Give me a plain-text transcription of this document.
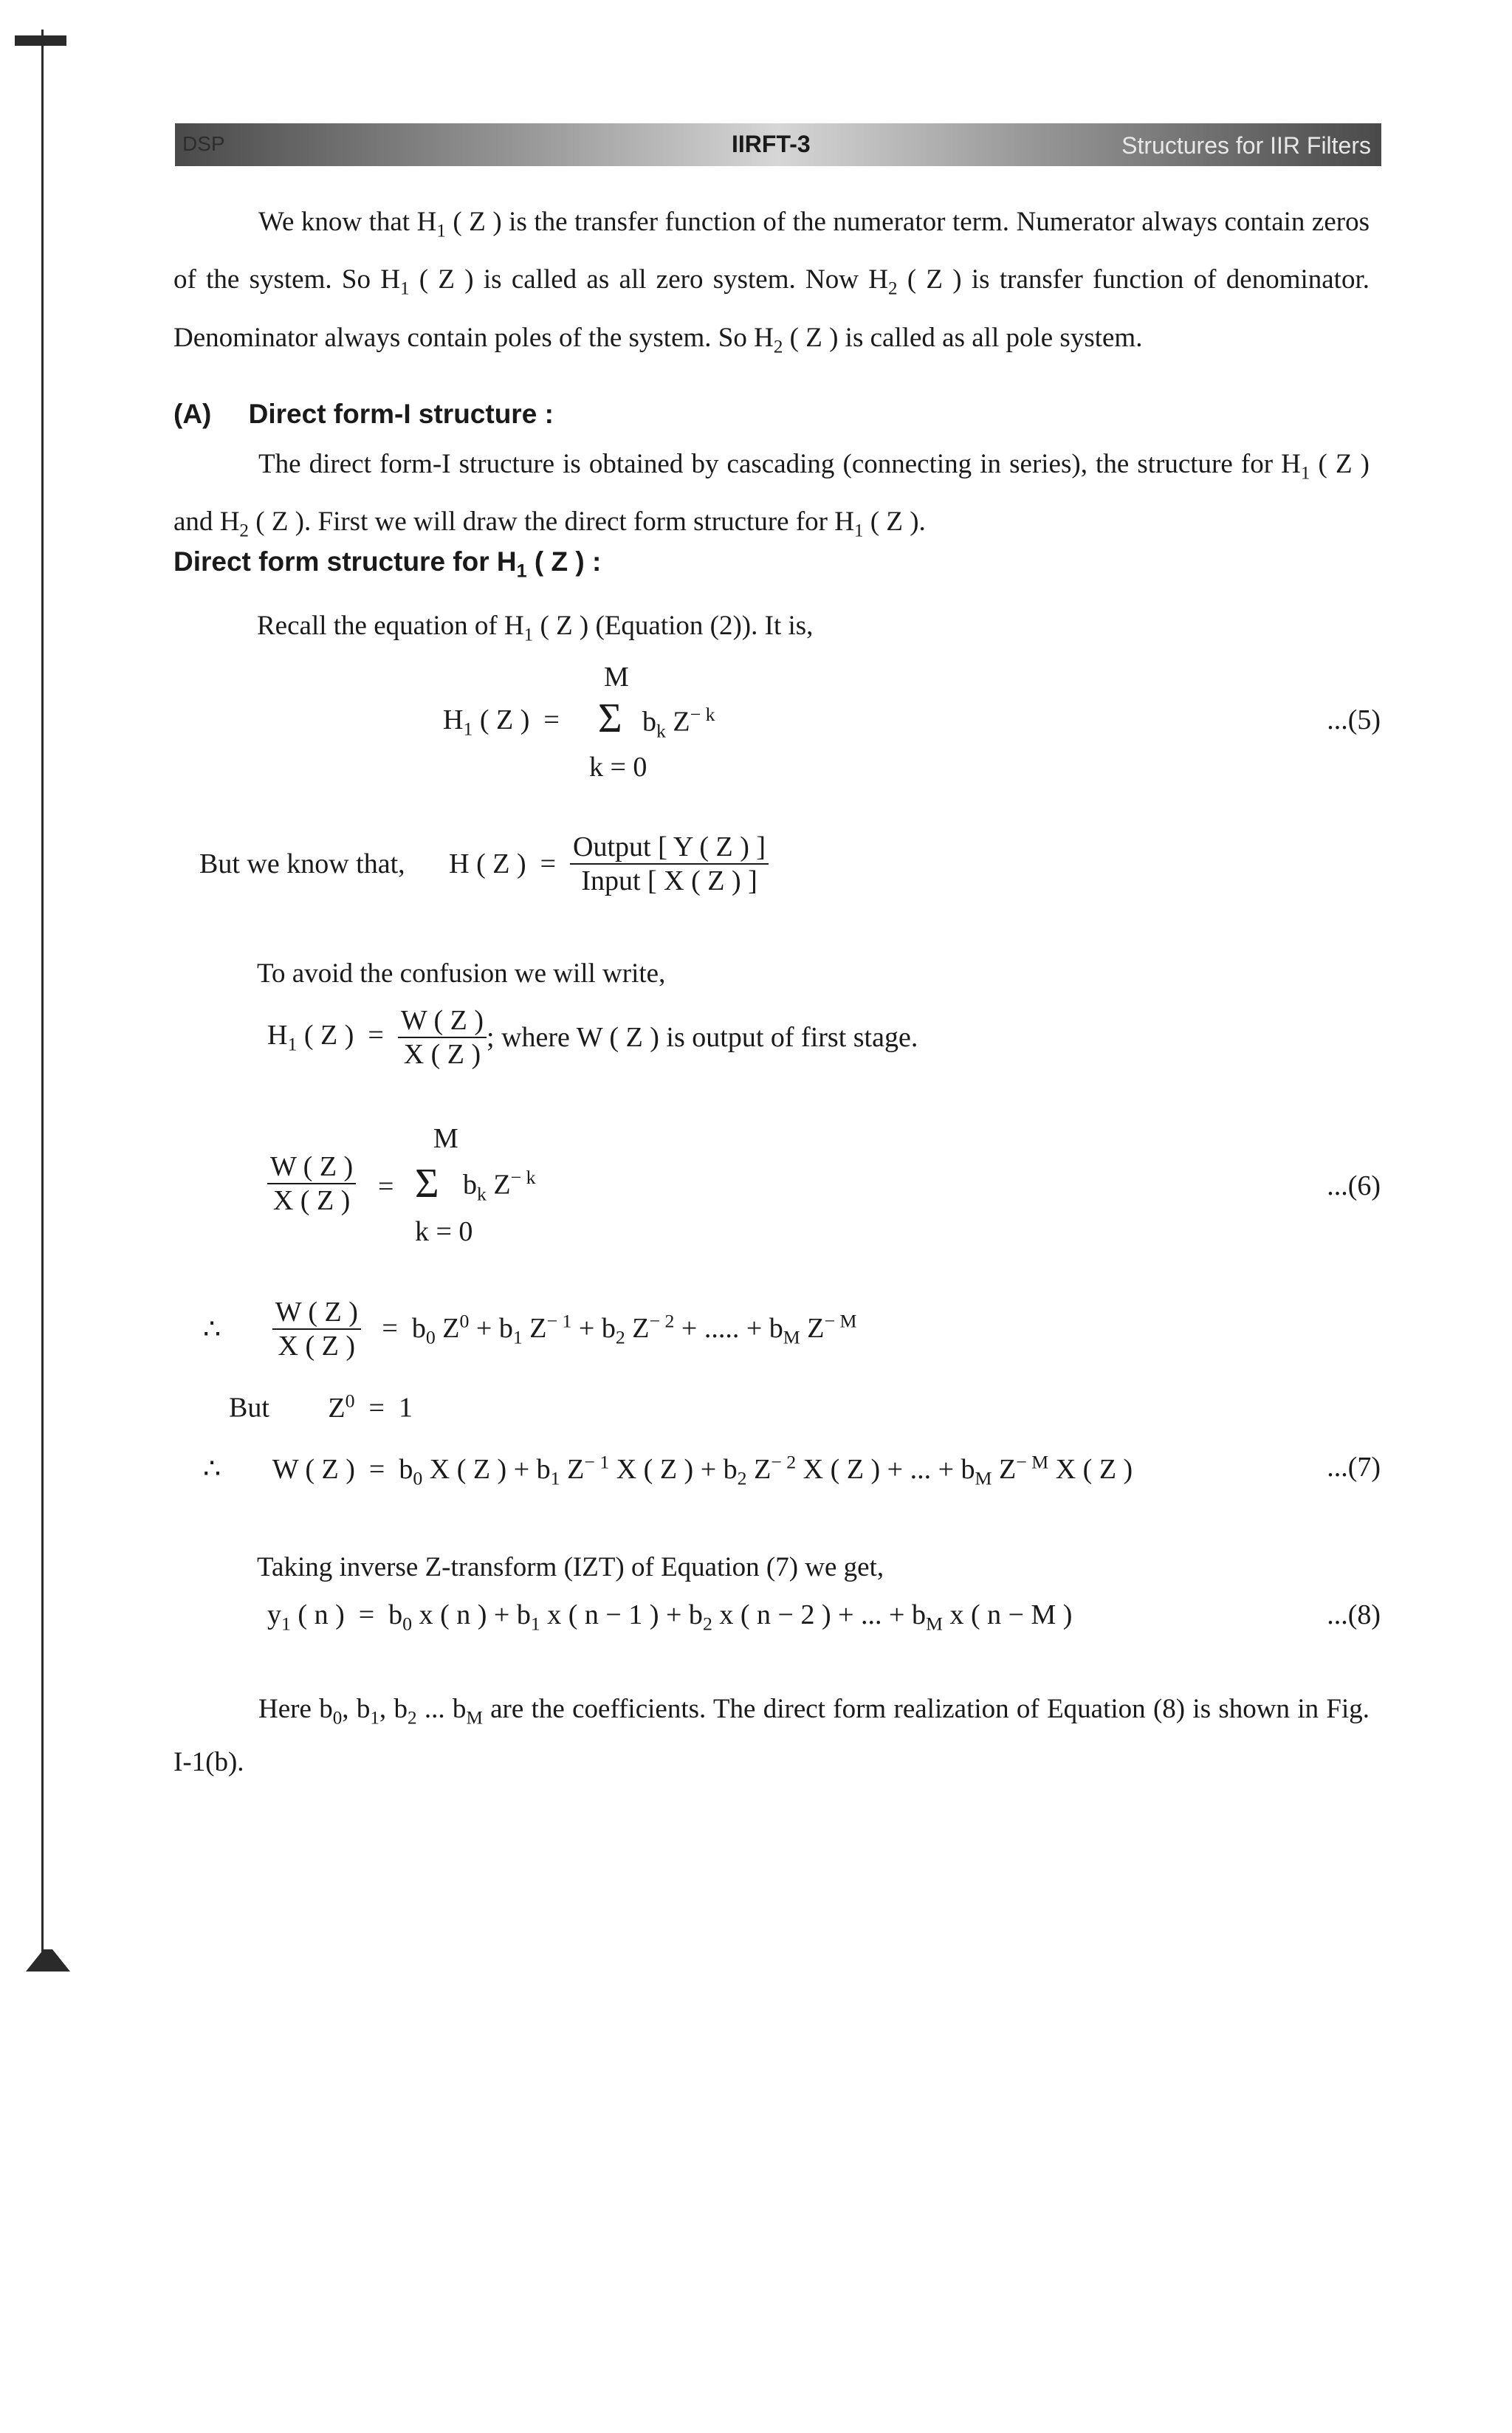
DSP	IIRFT-3	Structures for IIR Filters
We know that $H_1$ ( Z ) is the transfer function of the numerator term. Numerator always contain zeros of the system. So $H_1$ ( Z ) is called as all zero system. Now $H_2$ ( Z ) is transfer function of denominator. Denominator always contain poles of the system. So $H_2$ ( Z ) is called as all pole system.
(A) Direct form-I structure :
The direct form-I structure is obtained by cascading (connecting in series), the structure for $H_1$ ( Z ) and $H_2$ ( Z ). First we will draw the direct form structure for $H_1$ ( Z ).
Direct form structure for $H_1$ ( Z ) :
Recall the equation of $H_1$ ( Z ) (Equation (2)). It is,
M
$H_1$ ( Z )  = Σ $b_k$ $Z^{- k}$
k = 0
...(5)
But we know that, H ( Z )  = $\frac{\text{Output [ Y ( Z ) ]}}{\text{Input [ X ( Z ) ]}}$
To avoid the confusion we will write,
$H_1$ ( Z )  = $\frac{W ( Z )}{X ( Z )}$ ; where W ( Z ) is output of first stage.
M
$\frac{W ( Z )}{X ( Z )} = \Sigma$ $b_k$ $Z^{- k}$
k = 0
...(6)
∴ $\frac{W ( Z )}{X ( Z )} = b_0$ $Z^0 + b_1$ $Z^{- 1} + b_2$ $Z^{- 2}$ + ..... + $b_M$ $Z^{- M}$
But $Z^0 = 1$
∴ W ( Z )  =  $b_0$ X ( Z ) + $b_1$ $Z^{- 1}$ X ( Z ) + $b_2$ $Z^{- 2}$ X ( Z ) + ... + $b_M$ $Z^{- M}$ X ( Z )	...(7)
Taking inverse Z-transform (IZT) of Equation (7) we get,
$y_1$ ( n )  =  $b_0$ x ( n ) + $b_1$ x ( n − 1 ) + $b_2$ x ( n − 2 ) + ... + $b_M$ x ( n − M )	...(8)
Here $b_0$, $b_1$, $b_2$ ... $b_M$ are the coefficients. The direct form realization of Equation (8) is shown in Fig. I-1(b).
